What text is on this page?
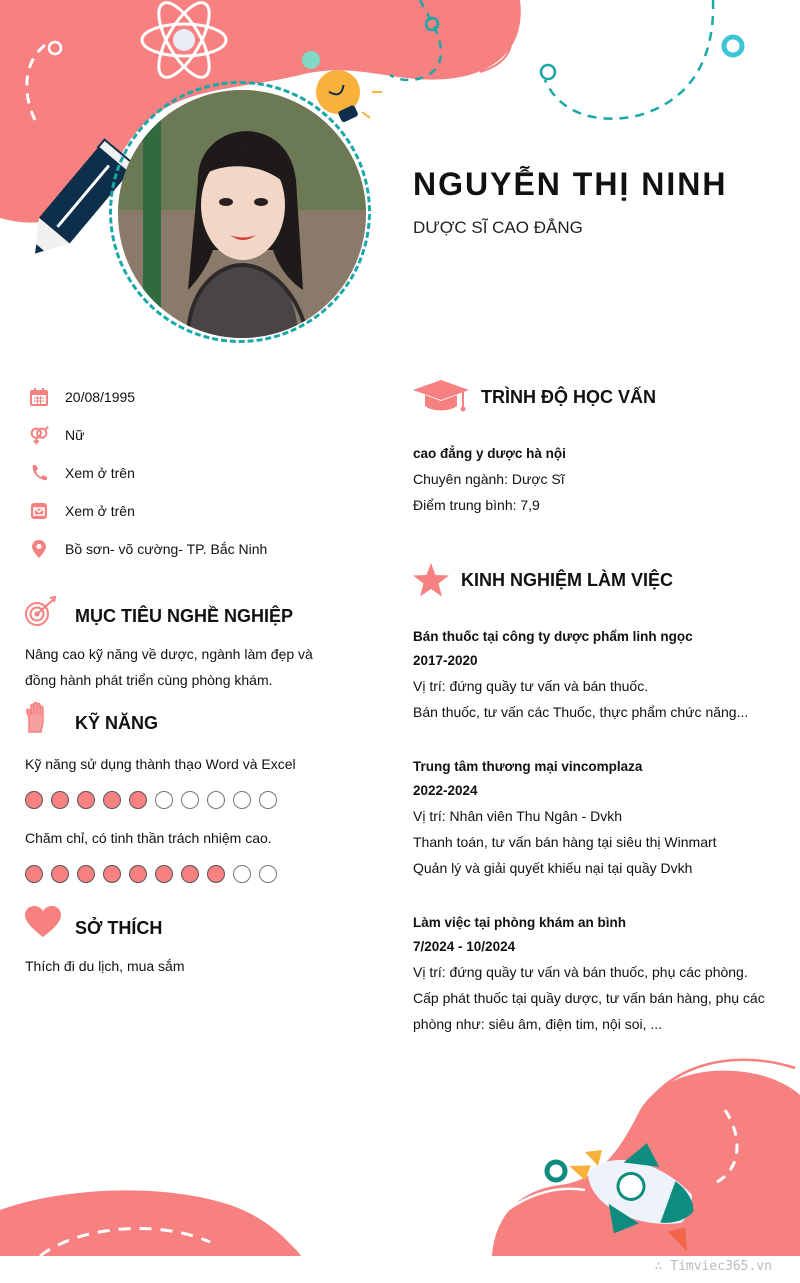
NGUYỄN THỊ NINH
DƯỢC SĨ CAO ĐẲNG
20/08/1995
Nữ
Xem ở trên
Xem ở trên
Bồ sơn- võ cường- TP. Bắc Ninh
MỤC TIÊU NGHỀ NGHIỆP
Nâng cao kỹ năng về dược, ngành làm đẹp và
đồng hành phát triển cùng phòng khám.
KỸ NĂNG
Kỹ năng sử dụng thành thạo Word và Excel
Chăm chỉ, có tinh thần trách nhiệm cao.
SỞ THÍCH
Thích đi du lịch, mua sắm
TRÌNH ĐỘ HỌC VẤN
cao đẳng y dược hà nội
Chuyên ngành: Dược Sĩ
Điểm trung bình: 7,9
KINH NGHIỆM LÀM VIỆC
Bán thuốc tại công ty dược phẩm linh ngọc
2017-2020
Vị trí: đứng quầy tư vấn và bán thuốc.
Bán thuốc, tư vấn các Thuốc, thực phẩm chức năng...
Trung tâm thương mại vincomplaza
2022-2024
Vị trí: Nhân viên Thu Ngân - Dvkh
Thanh toán, tư vấn bán hàng tại siêu thị Winmart
Quản lý và giải quyết khiếu nại tại quầy Dvkh
Làm việc tại phòng khám an bình
7/2024 - 10/2024
Vị trí: đứng quầy tư vấn và bán thuốc, phụ các phòng.
Cấp phát thuốc tại quầy dược, tư vấn bán hàng, phụ các
phòng như: siêu âm, điện tim, nội soi, ...
∴ Timviec365.vn
